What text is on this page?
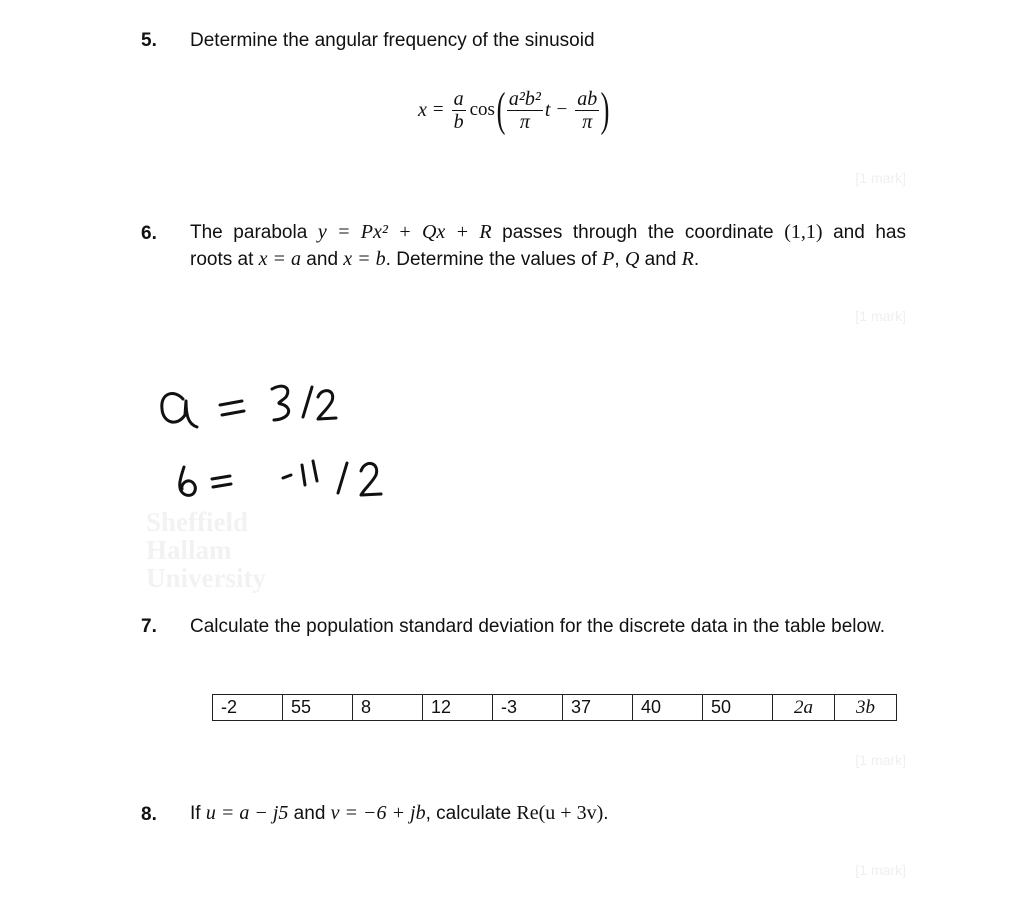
5. Determine the angular frequency of the sinusoid
$x = \frac{a}{b}$ cos ( $\frac{\text{a²b²}}{\pi}$ $t - \frac{ab}{\pi}$ )
[1 mark]
6. The parabola y = Px² + Qx + R passes through the coordinate (1,1) and has
roots at x = a and x = b. Determine the values of P, Q and R.
[1 mark]
Sheffield
Hallam
University
7. Calculate the population standard deviation for the discrete data in the table below.
-2	55	8	12	-3	37	40	50	2a	3b
[1 mark]
8. If u = a − j5 and v = −6 + jb, calculate Re(u + 3v).
[1 mark]
